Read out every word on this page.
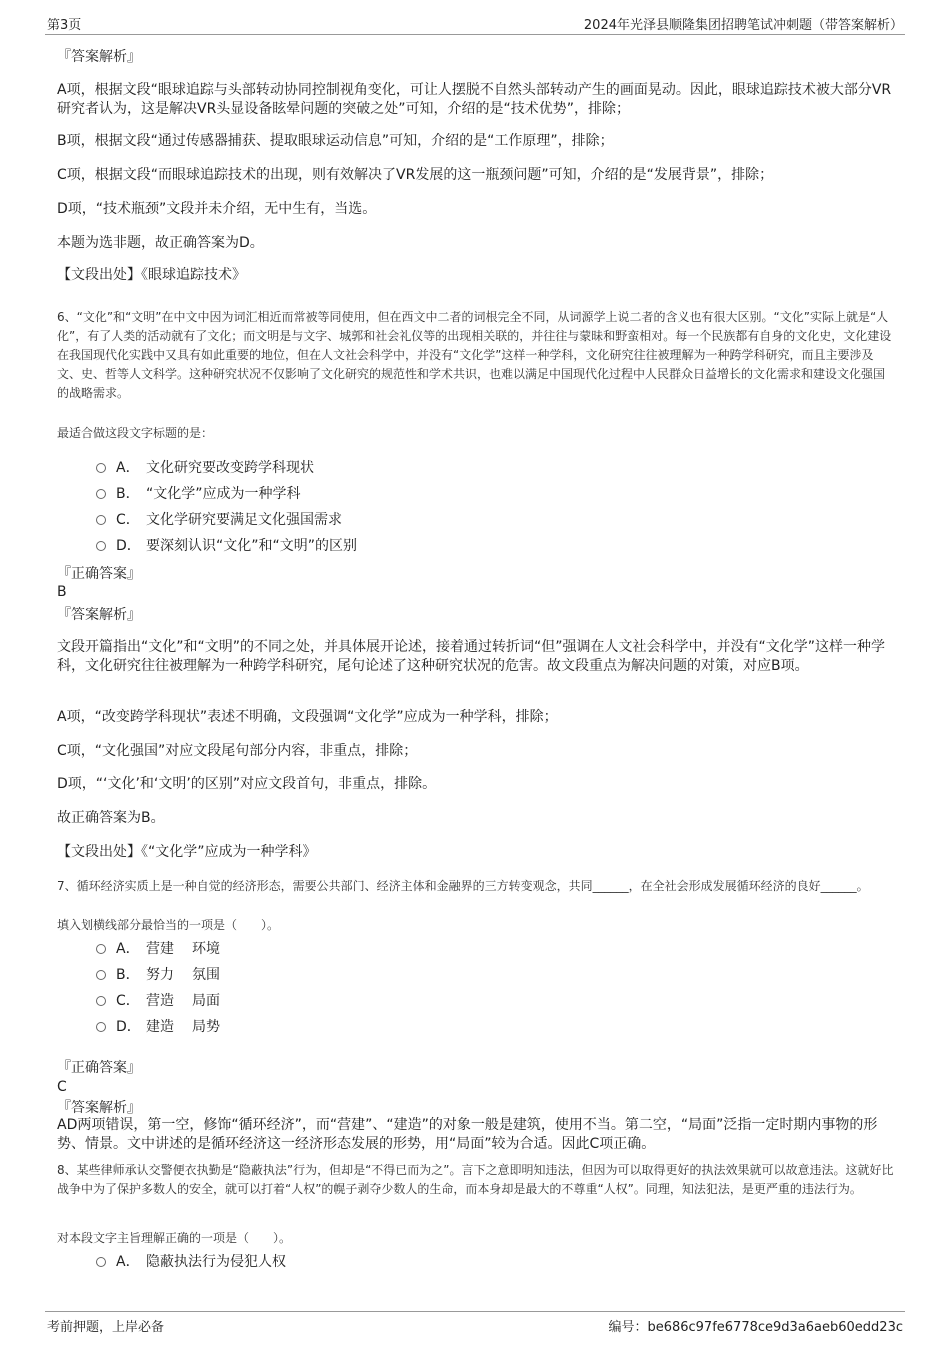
第3页	2024年光泽县顺隆集团招聘笔试冲刺题（带答案解析）
『答案解析』
A项，根据文段“眼球追踪与头部转动协同控制视角变化，可让人摆脱不自然头部转动产生的画面晃动。因此，眼球追踪技术被大部分VR研究者认为，这是解决VR头显设备眩晕问题的突破之处”可知，介绍的是“技术优势”，排除；
B项，根据文段“通过传感器捕获、提取眼球运动信息”可知，介绍的是“工作原理”，排除；
C项，根据文段“而眼球追踪技术的出现，则有效解决了VR发展的这一瓶颈问题”可知，介绍的是“发展背景”，排除；
D项，“技术瓶颈”文段并未介绍，无中生有，当选。
本题为选非题，故正确答案为D。
【文段出处】《眼球追踪技术》
6、“文化”和“文明”在中文中因为词汇相近而常被等同使用，但在西文中二者的词根完全不同，从词源学上说二者的含义也有很大区别。“文化”实际上就是“人化”，有了人类的活动就有了文化；而文明是与文字、城郭和社会礼仪等的出现相关联的，并往往与蒙昧和野蛮相对。每一个民族都有自身的文化史，文化建设在我国现代化实践中又具有如此重要的地位，但在人文社会科学中，并没有“文化学”这样一种学科，文化研究往往被理解为一种跨学科研究，而且主要涉及文、史、哲等人文科学。这种研究状况不仅影响了文化研究的规范性和学术共识，也难以满足中国现代化过程中人民群众日益增长的文化需求和建设文化强国的战略需求。
最适合做这段文字标题的是：
A． 文化研究要改变跨学科现状
B． “文化学”应成为一种学科
C． 文化学研究要满足文化强国需求
D． 要深刻认识“文化”和“文明”的区别
『正确答案』
B
『答案解析』
文段开篇指出“文化”和“文明”的不同之处，并具体展开论述，接着通过转折词“但”强调在人文社会科学中，并没有“文化学”这样一种学科，文化研究往往被理解为一种跨学科研究，尾句论述了这种研究状况的危害。故文段重点为解决问题的对策，对应B项。
A项，“改变跨学科现状”表述不明确，文段强调“文化学”应成为一种学科，排除；
C项，“文化强国”对应文段尾句部分内容，非重点，排除；
D项，“‘文化’和‘文明’的区别”对应文段首句，非重点，排除。
故正确答案为B。
【文段出处】《“文化学”应成为一种学科》
7、循环经济实质上是一种自觉的经济形态，需要公共部门、经济主体和金融界的三方转变观念，共同______，在全社会形成发展循环经济的良好______。
填入划横线部分最恰当的一项是（　　）。
A． 营建 环境
B． 努力 氛围
C． 营造 局面
D． 建造 局势
『正确答案』
C
『答案解析』
AD两项错误，第一空，修饰“循环经济”，而“营建”、“建造”的对象一般是建筑，使用不当。第二空，“局面”泛指一定时期内事物的形势、情景。文中讲述的是循环经济这一经济形态发展的形势，用“局面”较为合适。因此C项正确。
8、某些律师承认交警便衣执勤是“隐蔽执法”行为，但却是“不得已而为之”。言下之意即明知违法，但因为可以取得更好的执法效果就可以故意违法。这就好比战争中为了保护多数人的安全，就可以打着“人权”的幌子剥夺少数人的生命，而本身却是最大的不尊重“人权”。同理，知法犯法，是更严重的违法行为。
对本段文字主旨理解正确的一项是（　　）。
A． 隐蔽执法行为侵犯人权
考前押题，上岸必备	编号：be686c97fe6778ce9d3a6aeb60edd23c
